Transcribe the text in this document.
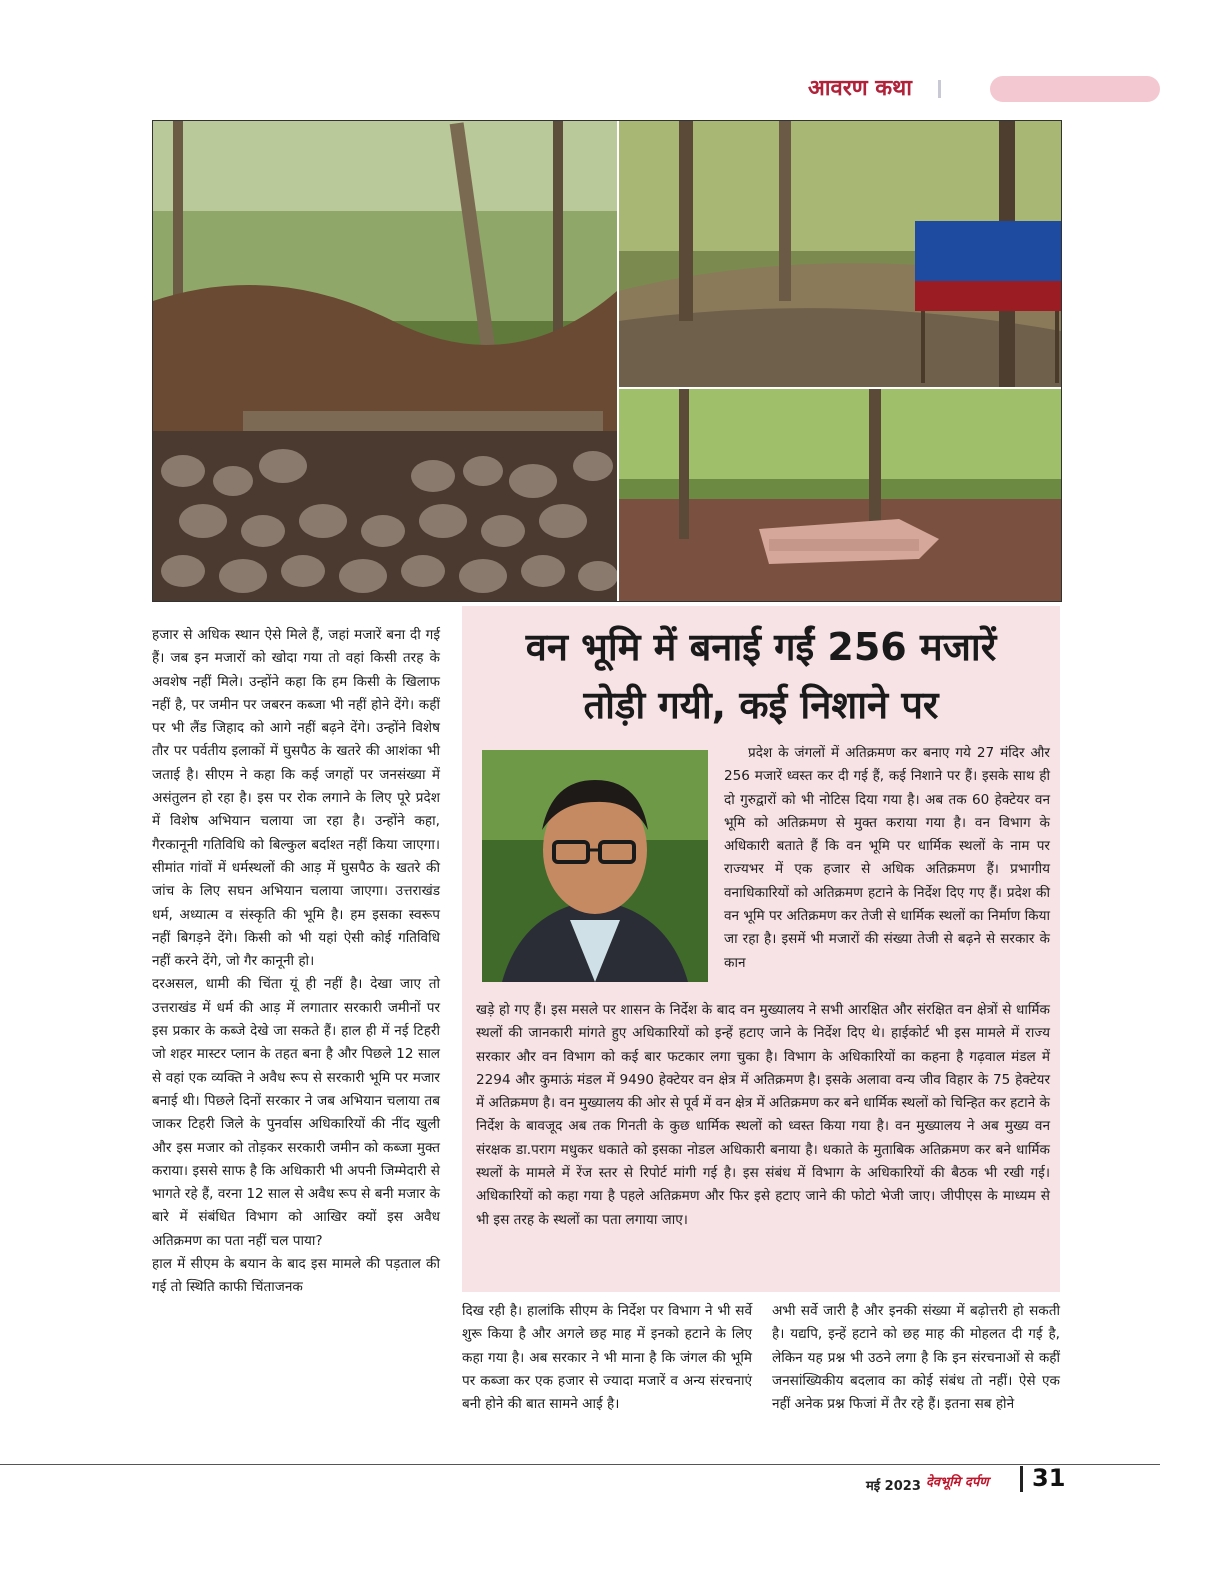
आवरण कथा
वन भूमि में बनाई गईं 256 मजारें
तोड़ी गयी, कई निशाने पर
हजार से अधिक स्थान ऐसे मिले हैं, जहां मजारें बना दी गई हैं। जब इन मजारों को खोदा गया तो वहां किसी तरह के अवशेष नहीं मिले। उन्होंने कहा कि हम किसी के खिलाफ नहीं है, पर जमीन पर जबरन कब्जा भी नहीं होने देंगे। कहीं पर भी लैंड जिहाद को आगे नहीं बढ़ने देंगे। उन्होंने विशेष तौर पर पर्वतीय इलाकों में घुसपैठ के खतरे की आशंका भी जताई है। सीएम ने कहा कि कई जगहों पर जनसंख्या में असंतुलन हो रहा है। इस पर रोक लगाने के लिए पूरे प्रदेश में विशेष अभियान चलाया जा रहा है। उन्होंने कहा, गैरकानूनी गतिविधि को बिल्कुल बर्दाश्त नहीं किया जाएगा। सीमांत गांवों में धर्मस्थलों की आड़ में घुसपैठ के खतरे की जांच के लिए सघन अभियान चलाया जाएगा। उत्तराखंड धर्म, अध्यात्म व संस्कृति की भूमि है। हम इसका स्वरूप नहीं बिगड़ने देंगे। किसी को भी यहां ऐसी कोई गतिविधि नहीं करने देंगे, जो गैर कानूनी हो।
दरअसल, धामी की चिंता यूं ही नहीं है। देखा जाए तो उत्तराखंड में धर्म की आड़ में लगातार सरकारी जमीनों पर इस प्रकार के कब्जे देखे जा सकते हैं। हाल ही में नई टिहरी जो शहर मास्टर प्लान के तहत बना है और पिछले 12 साल से वहां एक व्यक्ति ने अवैध रूप से सरकारी भूमि पर मजार बनाई थी। पिछले दिनों सरकार ने जब अभियान चलाया तब जाकर टिहरी जिले के पुनर्वास अधिकारियों की नींद खुली और इस मजार को तोड़कर सरकारी जमीन को कब्जा मुक्त कराया। इससे साफ है कि अधिकारी भी अपनी जिम्मेदारी से भागते रहे हैं, वरना 12 साल से अवैध रूप से बनी मजार के बारे में संबंधित विभाग को आखिर क्यों इस अवैध अतिक्रमण का पता नहीं चल पाया?
हाल में सीएम के बयान के बाद इस मामले की पड़ताल की गई तो स्थिति काफी चिंताजनक
प्रदेश के जंगलों में अतिक्रमण कर बनाए गये 27 मंदिर और 256 मजारें ध्वस्त कर दी गई हैं, कई निशाने पर हैं। इसके साथ ही दो गुरुद्वारों को भी नोटिस दिया गया है। अब तक 60 हेक्टेयर वन भूमि को अतिक्रमण से मुक्त कराया गया है। वन विभाग के अधिकारी बताते हैं कि वन भूमि पर धार्मिक स्थलों के नाम पर राज्यभर में एक हजार से अधिक अतिक्रमण हैं। प्रभागीय वनाधिकारियों को अतिक्रमण हटाने के निर्देश दिए गए हैं। प्रदेश की वन भूमि पर अतिक्रमण कर तेजी से धार्मिक स्थलों का निर्माण किया जा रहा है। इसमें भी मजारों की संख्या तेजी से बढ़ने से सरकार के कान
खड़े हो गए हैं। इस मसले पर शासन के निर्देश के बाद वन मुख्यालय ने सभी आरक्षित और संरक्षित वन क्षेत्रों से धार्मिक स्थलों की जानकारी मांगते हुए अधिकारियों को इन्हें हटाए जाने के निर्देश दिए थे। हाईकोर्ट भी इस मामले में राज्य सरकार और वन विभाग को कई बार फटकार लगा चुका है। विभाग के अधिकारियों का कहना है गढ़वाल मंडल में 2294 और कुमाऊं मंडल में 9490 हेक्टेयर वन क्षेत्र में अतिक्रमण है। इसके अलावा वन्य जीव विहार के 75 हेक्टेयर में अतिक्रमण है। वन मुख्यालय की ओर से पूर्व में वन क्षेत्र में अतिक्रमण कर बने धार्मिक स्थलों को चिन्हित कर हटाने के निर्देश के बावजूद अब तक गिनती के कुछ धार्मिक स्थलों को ध्वस्त किया गया है। वन मुख्यालय ने अब मुख्य वन संरक्षक डा.पराग मधुकर धकाते को इसका नोडल अधिकारी बनाया है। धकाते के मुताबिक अतिक्रमण कर बने धार्मिक स्थलों के मामले में रेंज स्तर से रिपोर्ट मांगी गई है। इस संबंध में विभाग के अधिकारियों की बैठक भी रखी गई। अधिकारियों को कहा गया है पहले अतिक्रमण और फिर इसे हटाए जाने की फोटो भेजी जाए। जीपीएस के माध्यम से भी इस तरह के स्थलों का पता लगाया जाए।
दिख रही है। हालांकि सीएम के निर्देश पर विभाग ने भी सर्वे शुरू किया है और अगले छह माह में इनको हटाने के लिए कहा गया है। अब सरकार ने भी माना है कि जंगल की भूमि पर कब्जा कर एक हजार से ज्यादा मजारें व अन्य संरचनाएं बनी होने की बात सामने आई है।
अभी सर्वे जारी है और इनकी संख्या में बढ़ोत्तरी हो सकती है। यद्यपि, इन्हें हटाने को छह माह की मोहलत दी गई है, लेकिन यह प्रश्न भी उठने लगा है कि इन संरचनाओं से कहीं जनसांख्यिकीय बदलाव का कोई संबंध तो नहीं। ऐसे एक नहीं अनेक प्रश्न फिजां में तैर रहे हैं। इतना सब होने
मई 2023 देवभूमि दर्पण 31
